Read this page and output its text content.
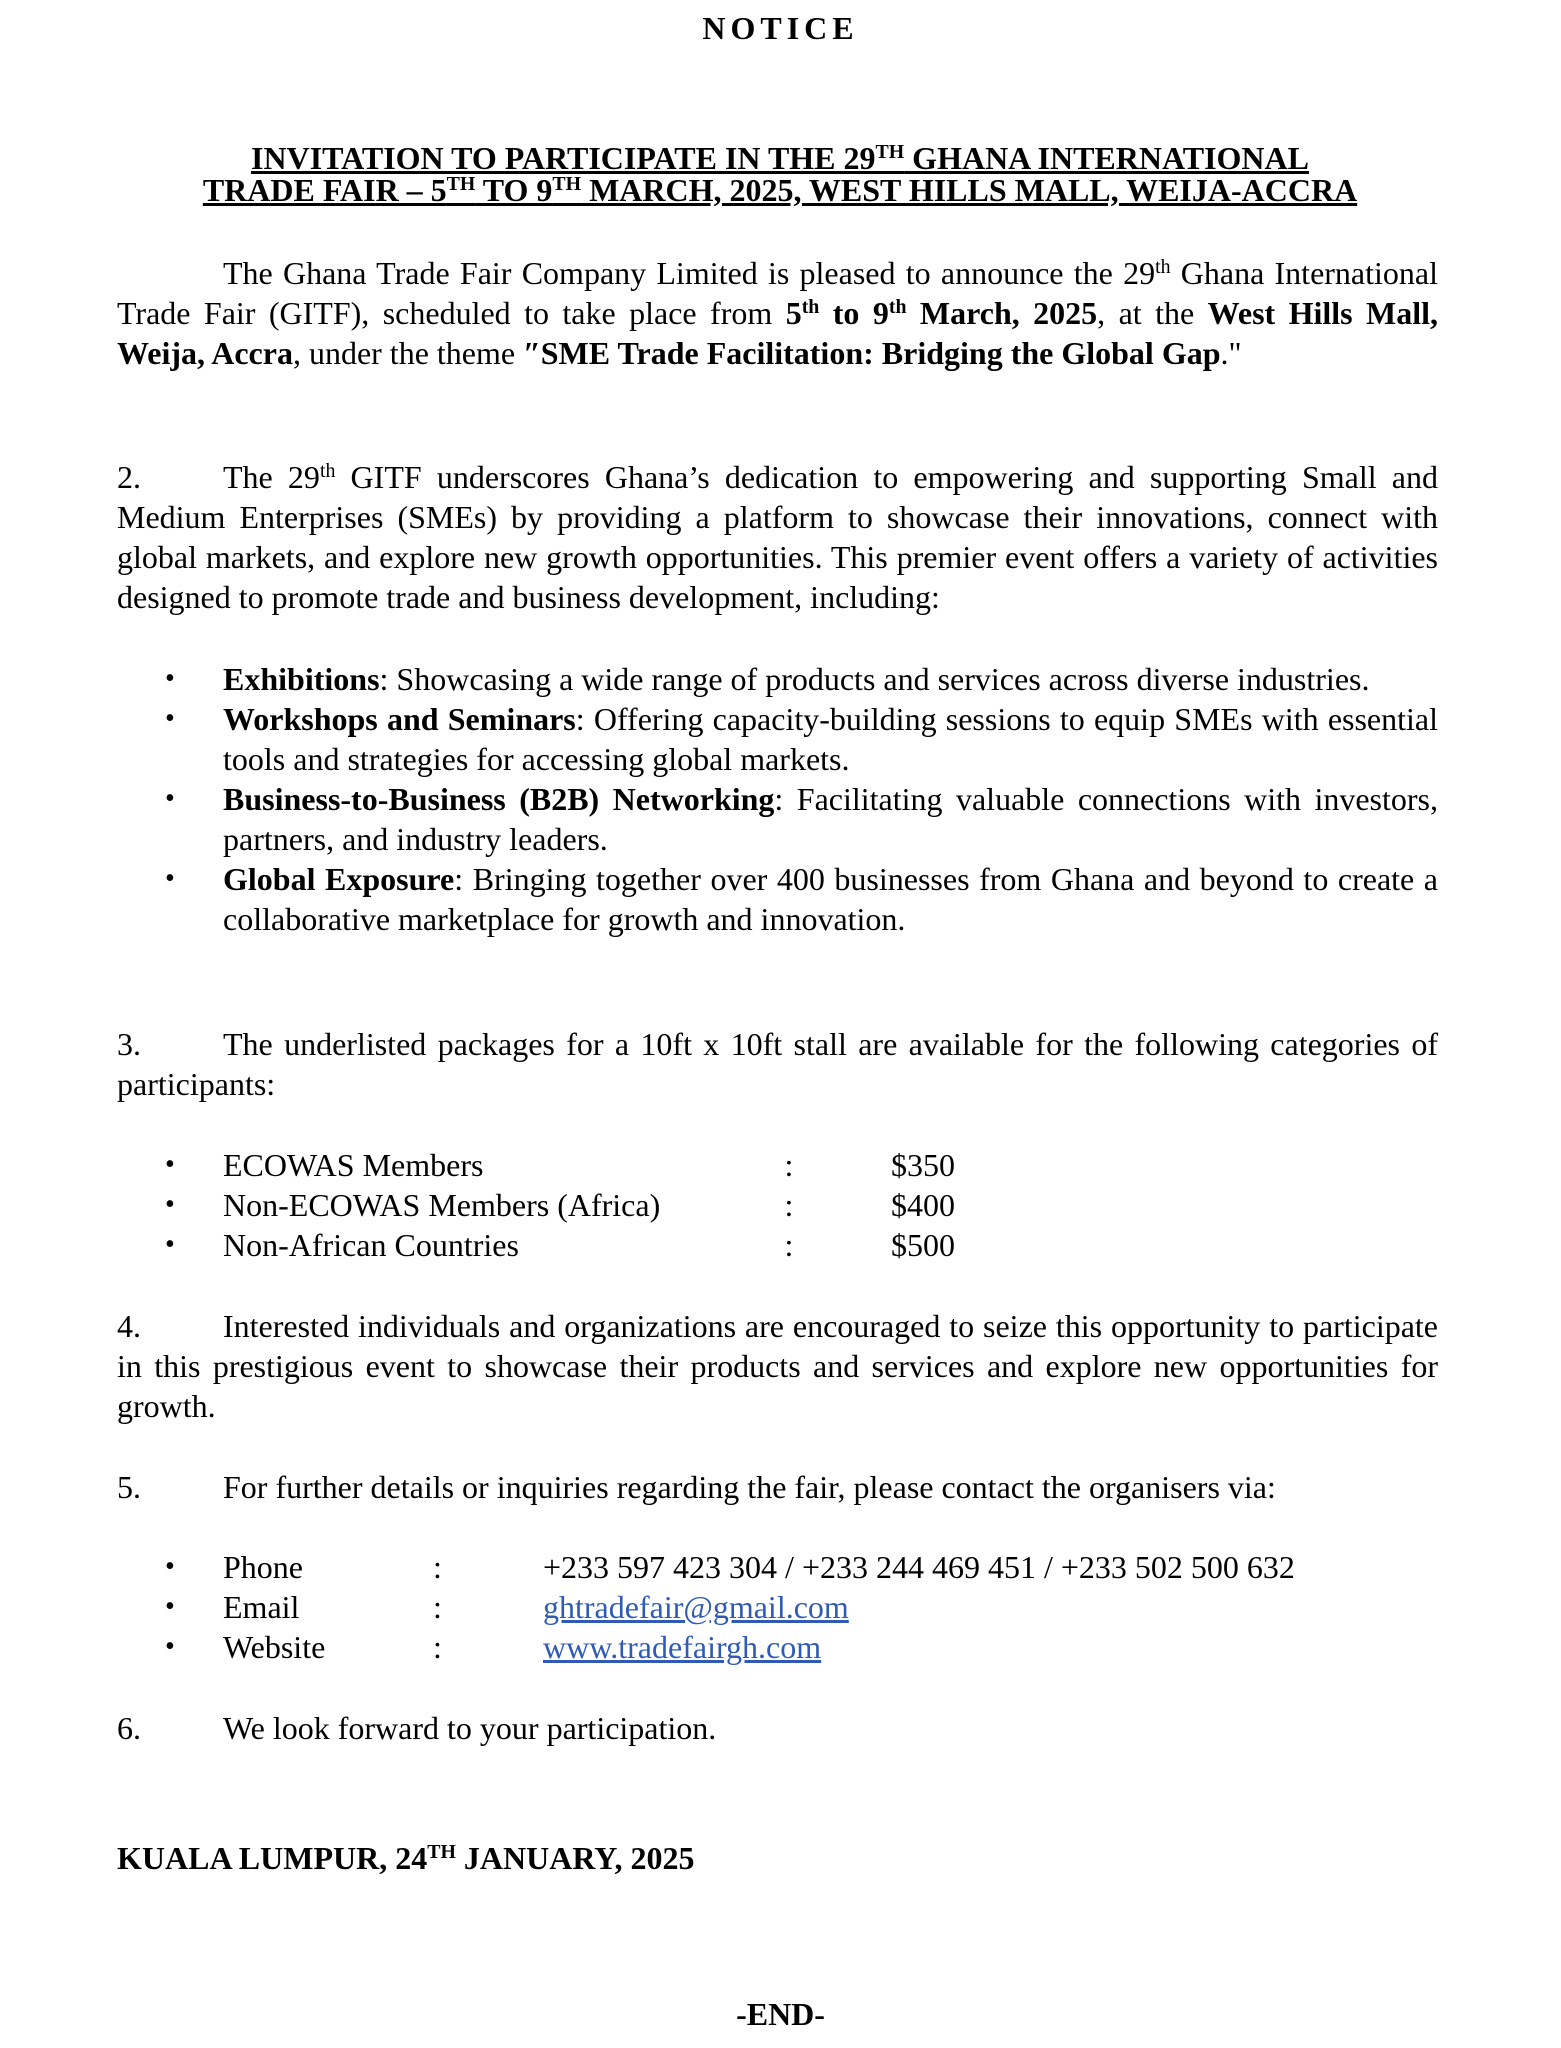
NOTICE

INVITATION TO PARTICIPATE IN THE 29TH GHANA INTERNATIONAL

TRADE FAIR – 5TH TO 9TH MARCH, 2025, WEST HILLS MALL, WEIJA-ACCRA

The Ghana Trade Fair Company Limited is pleased to announce the 29th Ghana International Trade Fair (GITF), scheduled to take place from 5th to 9th March, 2025, at the West Hills Mall, Weija, Accra, under the theme ″SME Trade Facilitation: Bridging the Global Gap."

2.	The 29th GITF underscores Ghana’s dedication to empowering and supporting Small and Medium Enterprises (SMEs) by providing a platform to showcase their innovations, connect with global markets, and explore new growth opportunities. This premier event offers a variety of activities designed to promote trade and business development, including:

• Exhibitions: Showcasing a wide range of products and services across diverse industries.
• Workshops and Seminars: Offering capacity-building sessions to equip SMEs with essential tools and strategies for accessing global markets.
• Business-to-Business (B2B) Networking: Facilitating valuable connections with investors, partners, and industry leaders.
• Global Exposure: Bringing together over 400 businesses from Ghana and beyond to create a collaborative marketplace for growth and innovation.

3.	The underlisted packages for a 10ft x 10ft stall are available for the following categories of participants:

• ECOWAS Members	:	$350
• Non-ECOWAS Members (Africa)	:	$400
• Non-African Countries	:	$500

4.	Interested individuals and organizations are encouraged to seize this opportunity to participate in this prestigious event to showcase their products and services and explore new opportunities for growth.

5.	For further details or inquiries regarding the fair, please contact the organisers via:

• Phone	:	+233 597 423 304 / +233 244 469 451 / +233 502 500 632
• Email	:	ghtradefair@gmail.com
• Website	:	www.tradefairgh.com

6.	We look forward to your participation.

KUALA LUMPUR, 24TH JANUARY, 2025
-END-
